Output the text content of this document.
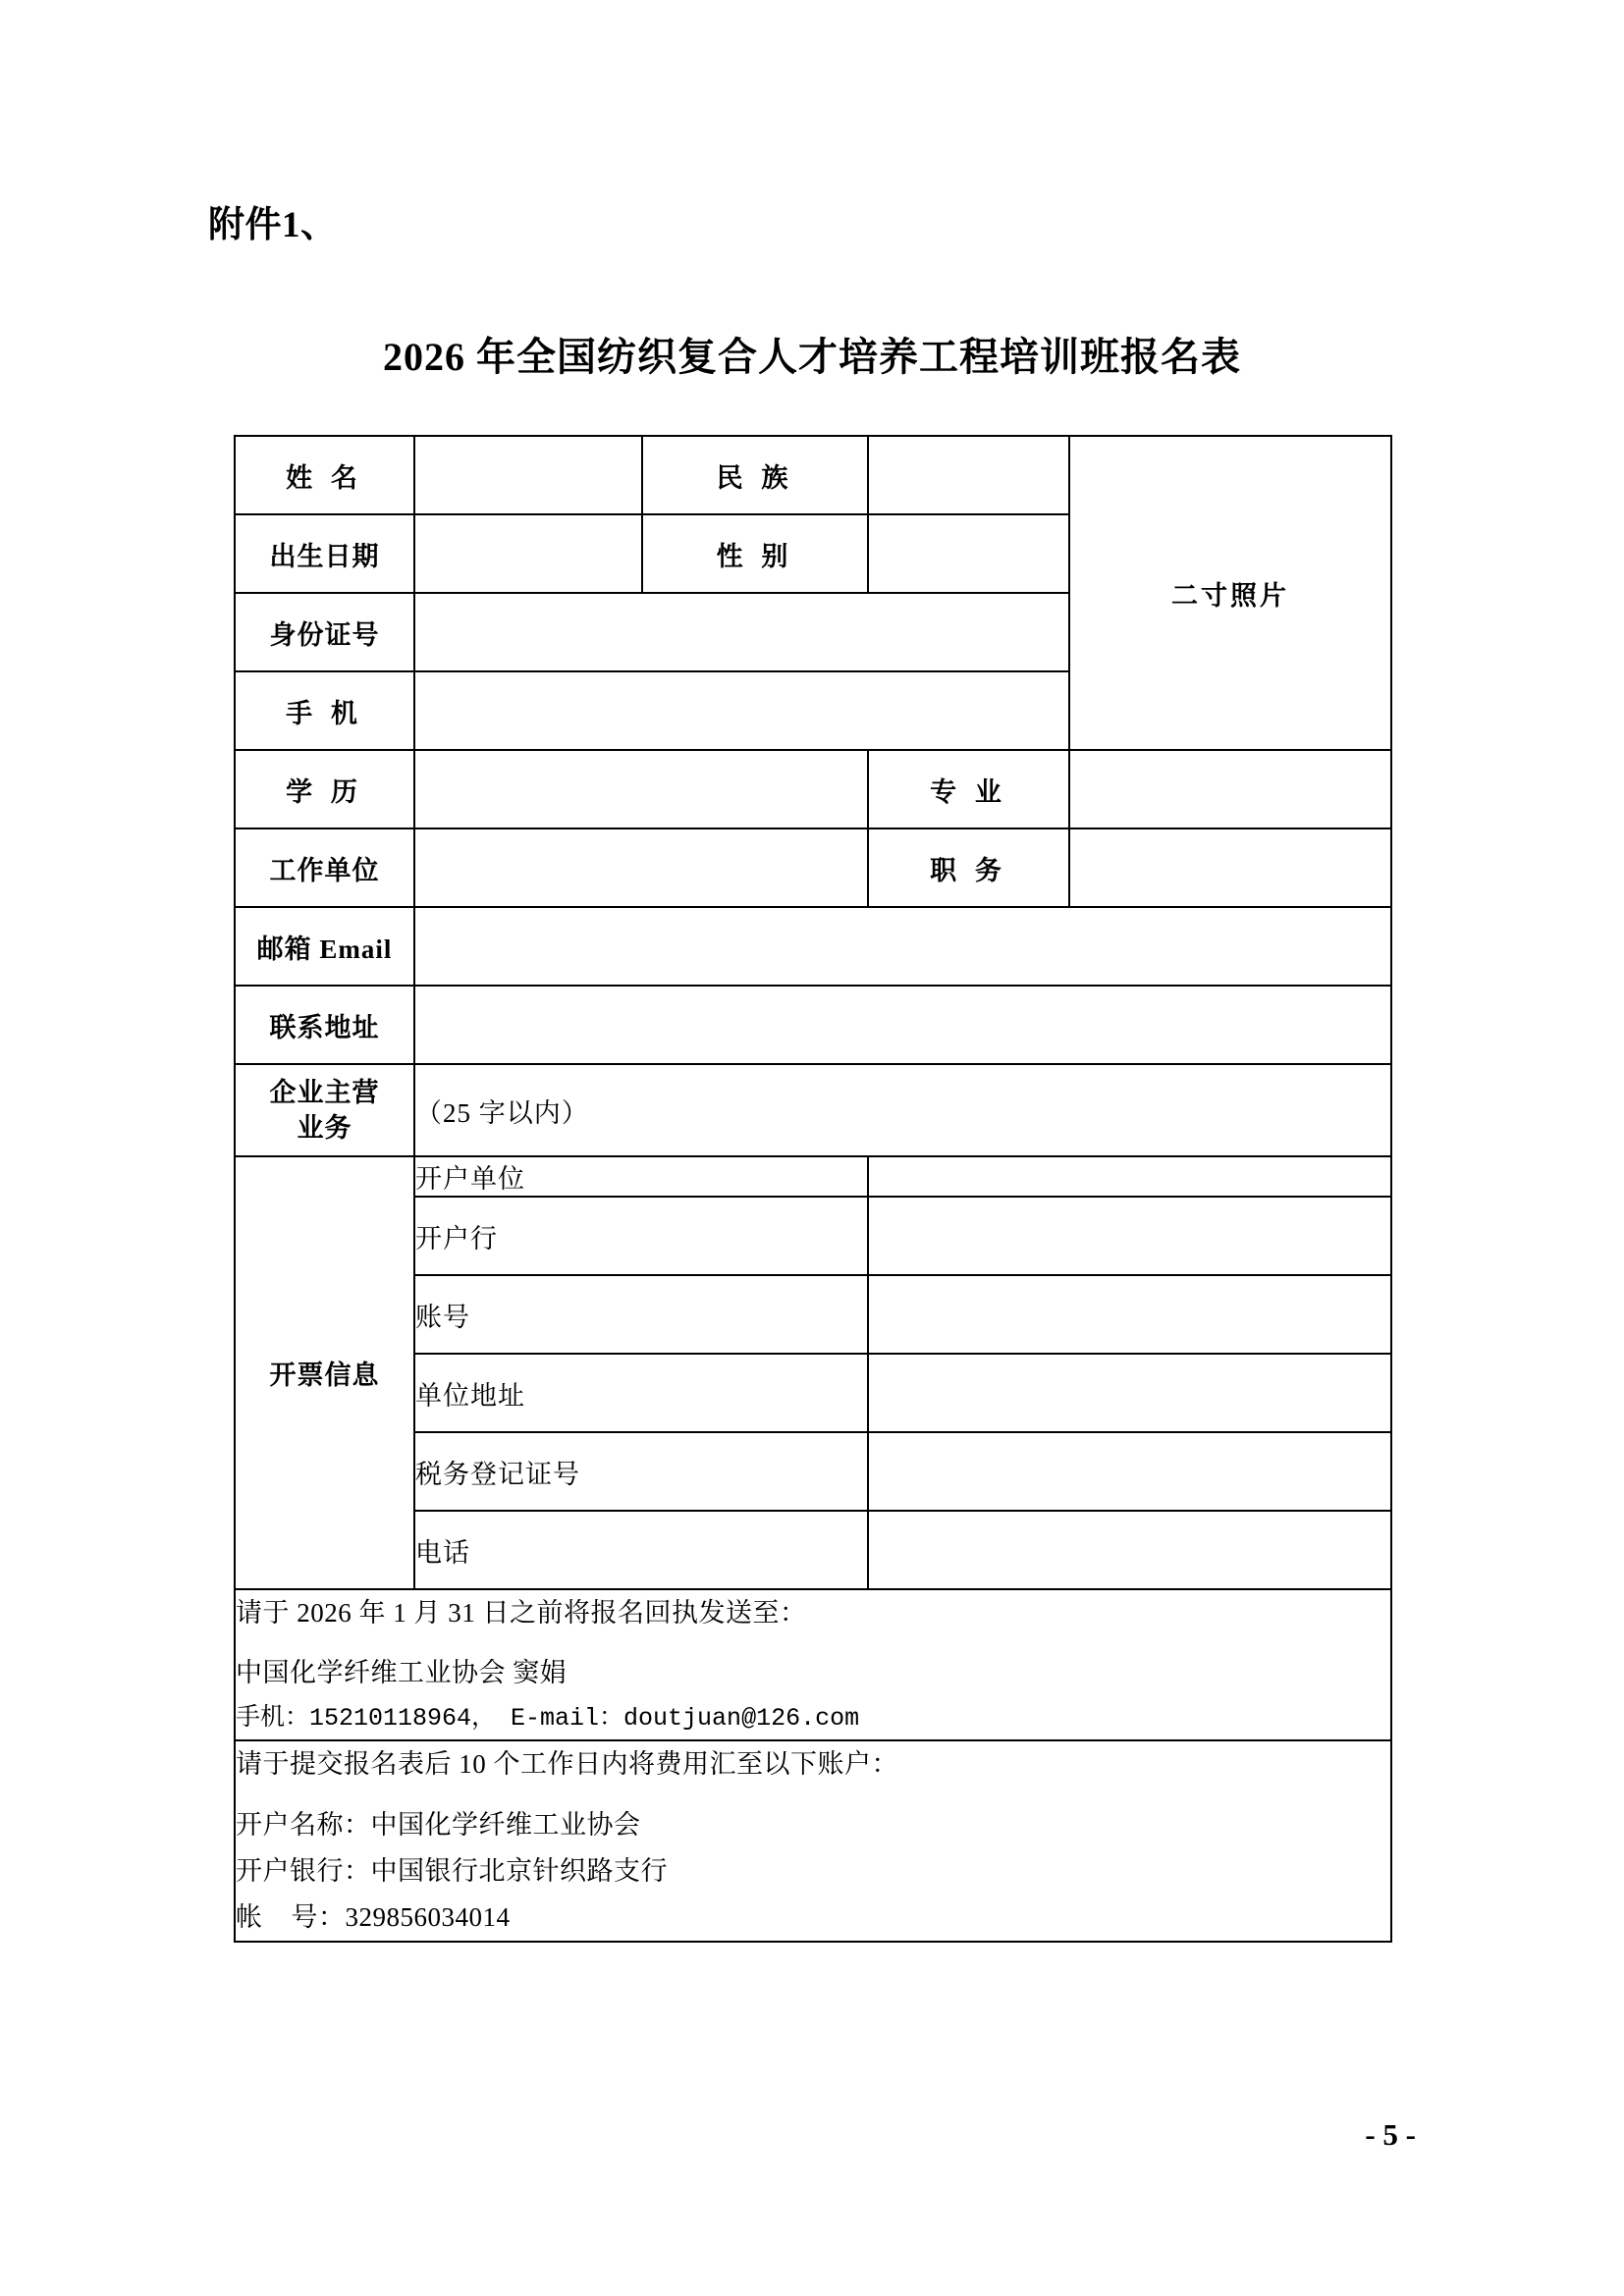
附件1、
2026 年全国纺织复合人才培养工程培训班报名表
姓 名		民 族		二寸照片
出生日期		性 别		
身份证号				
手 机				
学 历			专 业	
工作单位			职 务	
邮箱 Email				
联系地址				

企业主营
业务	（25 字以内）			
开票信息	开户单位			
	开户行			
	账号			
	单位地址			
	税务登记证号			
	电话			

请于 2026 年 1 月 31 日之前将报名回执发送至：
中国化学纤维工业协会 窦娟
手机：15210118964， E-mail：doutjuan@126.com				

请于提交报名表后 10 个工作日内将费用汇至以下账户：
开户名称：中国化学纤维工业协会
开户银行：中国银行北京针织路支行
帐    号：329856034014				
- 5 -
